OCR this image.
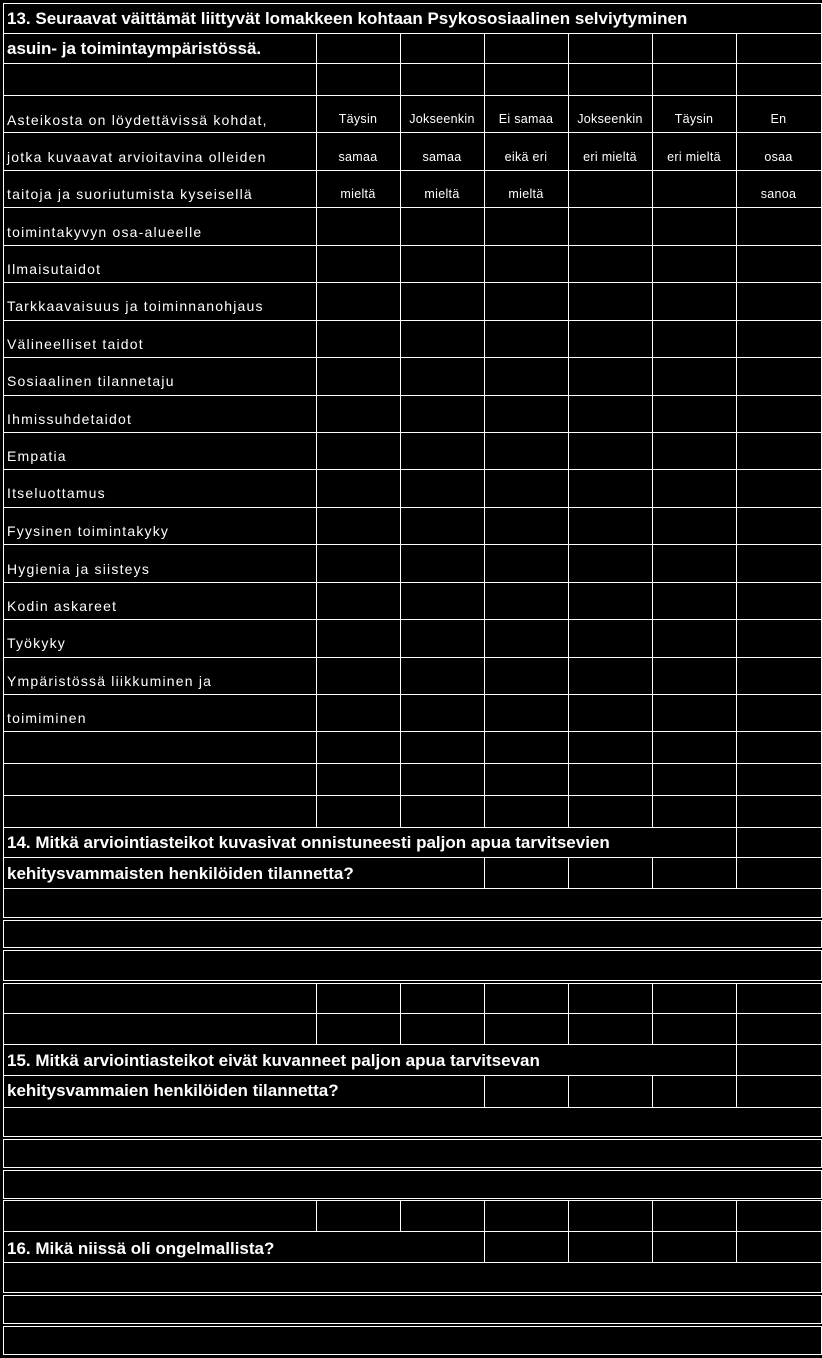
13. Seuraavat väittämät liittyvät lomakkeen kohtaan Psykososiaalinen selviytyminen
asuin- ja toimintaympäristössä.
Asteikosta on löydettävissä kohdat,
jotka kuvaavat arvioitavina olleiden
taitoja ja suoriutumista kyseisellä
toimintakyvyn osa-alueelle
Täysin
samaa
mieltä
Jokseenkin
samaa
mieltä
Ei samaa
eikä eri
mieltä
Jokseenkin
eri mieltä
Täysin
eri mieltä
En
osaa
sanoa
Ilmaisutaidot
Tarkkaavaisuus ja toiminnanohjaus
Välineelliset taidot
Sosiaalinen tilannetaju
Ihmissuhdetaidot
Empatia
Itseluottamus
Fyysinen toimintakyky
Hygienia ja siisteys
Kodin askareet
Työkyky
Ympäristössä liikkuminen ja
toimiminen
14. Mitkä arviointiasteikot kuvasivat onnistuneesti paljon apua tarvitsevien
kehitysvammaisten henkilöiden tilannetta?
15. Mitkä arviointiasteikot eivät kuvanneet paljon apua tarvitsevan
kehitysvammaien henkilöiden tilannetta?
16. Mikä niissä oli ongelmallista?
